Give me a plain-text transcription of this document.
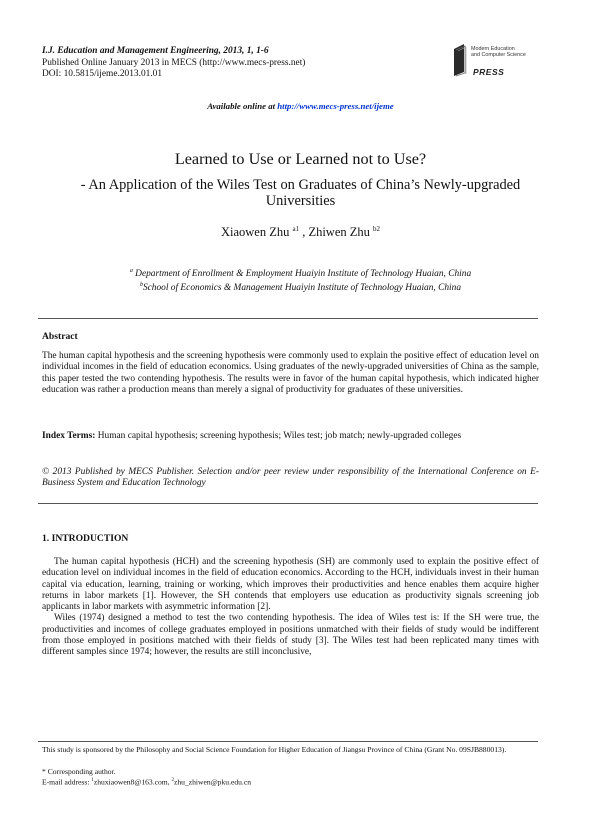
I.J. Education and Management Engineering, 2013, 1, 1-6
Published Online January 2013 in MECS (http://www.mecs-press.net)
DOI: 10.5815/ijeme.2013.01.01
Modern Education
and Computer Science
PRESS
Available online at http://www.mecs-press.net/ijeme
Learned to Use or Learned not to Use?
- An Application of the Wiles Test on Graduates of China’s Newly-upgraded Universities
Xiaowen Zhu $^{a1}$ , Zhiwen Zhu $^{b2}$
$^a$ Department of Enrollment & Employment Huaiyin Institute of Technology Huaian, China
$^b$School of Economics & Management Huaiyin Institute of Technology Huaian, China
Abstract
The human capital hypothesis and the screening hypothesis were commonly used to explain the positive effect of education level on individual incomes in the field of education economics. Using graduates of the newly-upgraded universities of China as the sample, this paper tested the two contending hypothesis. The results were in favor of the human capital hypothesis, which indicated higher education was rather a production means than merely a signal of productivity for graduates of these universities.
Index Terms: Human capital hypothesis; screening hypothesis; Wiles test; job match; newly-upgraded colleges
© 2013 Published by MECS Publisher. Selection and/or peer review under responsibility of the International Conference on E-Business System and Education Technology
1. INTRODUCTION

The human capital hypothesis (HCH) and the screening hypothesis (SH) are commonly used to explain the positive effect of education level on individual incomes in the field of education economics. According to the HCH, individuals invest in their human capital via education, learning, training or working, which improves their productivities and hence enables them acquire higher returns in labor markets [1]. However, the SH contends that employers use education as productivity signals screening job applicants in labor markets with asymmetric information [2].

Wiles (1974) designed a method to test the two contending hypothesis. The idea of Wiles test is: If the SH were true, the productivities and incomes of college graduates employed in positions unmatched with their fields of study would be indifferent from those employed in positions matched with their fields of study [3]. The Wiles test had been replicated many times with different samples since 1974; however, the results are still inconclusive,

This study is sponsored by the Philosophy and Social Science Foundation for Higher Education of Jiangsu Province of China (Grant No. 09SJB880013).
* Corresponding author.
E-mail address: $^1$zhuxiaowen8@163.com, $^2$zhu_zhiwen@pku.edu.cn
